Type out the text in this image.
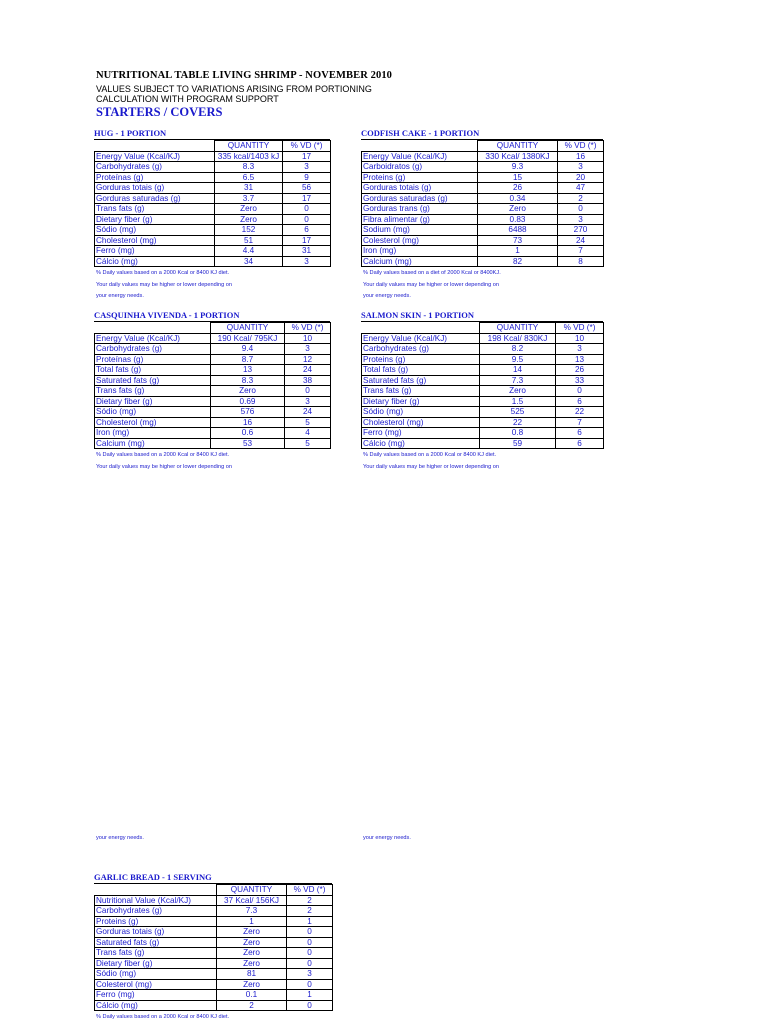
NUTRITIONAL TABLE LIVING SHRIMP - NOVEMBER 2010
VALUES SUBJECT TO VARIATIONS ARISING FROM PORTIONING
CALCULATION WITH PROGRAM SUPPORT
STARTERS / COVERS
HUG - 1 PORTION
	QUANTITY	% VD (*)
Energy Value (Kcal/KJ)	335 kcal/1403 kJ	17
Carbohydrates (g)	8.3	3
Proteínas (g)	6.5	9
Gorduras totais (g)	31	56
Gorduras saturadas (g)	3.7	17
Trans fats (g)	Zero	0
Dietary fiber (g)	Zero	0
Sódio (mg)	152	6
Cholesterol (mg)	51	17
Ferro (mg)	4.4	31
Cálcio (mg)	34	3
% Daily values based on a 2000 Kcal or 8400 KJ diet.
Your daily values may be higher or lower depending on
your energy needs.
CODFISH CAKE - 1 PORTION
	QUANTITY	% VD (*)
Energy Value (Kcal/KJ)	330 Kcal/ 1380KJ	16
Carboidratos (g)	9.3	3
Proteins (g)	15	20
Gorduras totais (g)	26	47
Gorduras saturadas (g)	0.34	2
Gorduras trans (g)	Zero	0
Fibra alimentar (g)	0.83	3
Sodium (mg)	6488	270
Colesterol (mg)	73	24
Iron (mg)	1	7
Calcium (mg)	82	8
% Daily values based on a diet of 2000 Kcal or 8400KJ.
Your daily values may be higher or lower depending on
your energy needs.
CASQUINHA VIVENDA - 1 PORTION
	QUANTITY	% VD (*)
Energy Value (Kcal/KJ)	190 Kcal/ 795KJ	10
Carbohydrates (g)	9.4	3
Proteínas (g)	8.7	12
Total fats (g)	13	24
Saturated fats (g)	8.3	38
Trans fats (g)	Zero	0
Dietary fiber (g)	0.69	3
Sódio (mg)	576	24
Cholesterol (mg)	16	5
Iron (mg)	0.6	4
Calcium (mg)	53	5
% Daily values based on a 2000 Kcal or 8400 KJ diet.
Your daily values may be higher or lower depending on
your energy needs.
SALMON SKIN - 1 PORTION
	QUANTITY	% VD (*)
Energy Value (Kcal/KJ)	198 Kcal/ 830KJ	10
Carbohydrates (g)	8.2	3
Proteins (g)	9.5	13
Total fats (g)	14	26
Saturated fats (g)	7.3	33
Trans fats (g)	Zero	0
Dietary fiber (g)	1.5	6
Sódio (mg)	525	22
Cholesterol (mg)	22	7
Ferro (mg)	0.8	6
Cálcio (mg)	59	6
% Daily values based on a 2000 Kcal or 8400 KJ diet.
Your daily values may be higher or lower depending on
your energy needs.
GARLIC BREAD - 1 SERVING
	QUANTITY	% VD (*)
Nutritional Value (Kcal/KJ)	37 Kcal/ 156KJ	2
Carbohydrates (g)	7.3	2
Proteins (g)	1	1
Gorduras totais (g)	Zero	0
Saturated fats (g)	Zero	0
Trans fats (g)	Zero	0
Dietary fiber (g)	Zero	0
Sódio (mg)	81	3
Colesterol (mg)	Zero	0
Ferro (mg)	0.1	1
Cálcio (mg)	2	0
% Daily values based on a 2000 Kcal or 8400 KJ diet.
